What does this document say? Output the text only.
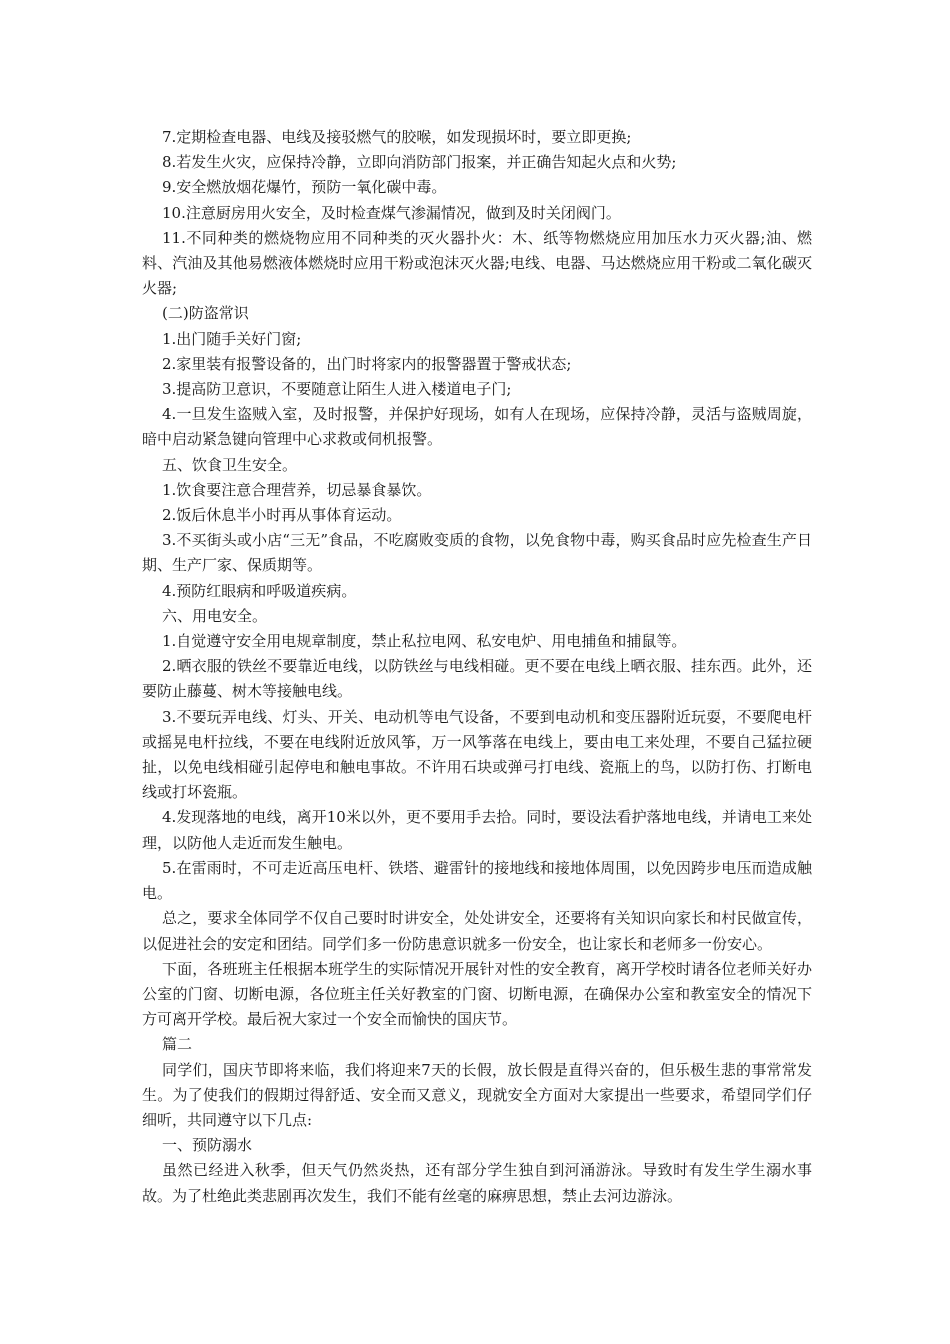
7.定期检查电器、电线及接驳燃气的胶喉，如发现损坏时，要立即更换;

8.若发生火灾，应保持冷静，立即向消防部门报案，并正确告知起火点和火势;

9.安全燃放烟花爆竹，预防一氧化碳中毒。

10.注意厨房用火安全，及时检查煤气渗漏情况，做到及时关闭阀门。

11.不同种类的燃烧物应用不同种类的灭火器扑火：木、纸等物燃烧应用加压水力灭火器;油、燃料、汽油及其他易燃液体燃烧时应用干粉或泡沫灭火器;电线、电器、马达燃烧应用干粉或二氧化碳灭火器;

(二)防盗常识

1.出门随手关好门窗;

2.家里装有报警设备的，出门时将家内的报警器置于警戒状态;

3.提高防卫意识，不要随意让陌生人进入楼道电子门;

4.一旦发生盗贼入室，及时报警，并保护好现场，如有人在现场，应保持冷静，灵活与盗贼周旋，暗中启动紧急键向管理中心求救或伺机报警。

五、饮食卫生安全。

1.饮食要注意合理营养，切忌暴食暴饮。

2.饭后休息半小时再从事体育运动。

3.不买街头或小店“三无”食品，不吃腐败变质的食物，以免食物中毒，购买食品时应先检查生产日期、生产厂家、保质期等。

4.预防红眼病和呼吸道疾病。

六、用电安全。

1.自觉遵守安全用电规章制度，禁止私拉电网、私安电炉、用电捕鱼和捕鼠等。

2.晒衣服的铁丝不要靠近电线，以防铁丝与电线相碰。更不要在电线上晒衣服、挂东西。此外，还要防止藤蔓、树木等接触电线。

3.不要玩弄电线、灯头、开关、电动机等电气设备，不要到电动机和变压器附近玩耍，不要爬电杆或摇晃电杆拉线，不要在电线附近放风筝，万一风筝落在电线上，要由电工来处理，不要自己猛拉硬扯，以免电线相碰引起停电和触电事故。不许用石块或弹弓打电线、瓷瓶上的鸟，以防打伤、打断电线或打坏瓷瓶。

4.发现落地的电线，离开10米以外，更不要用手去拾。同时，要设法看护落地电线，并请电工来处理，以防他人走近而发生触电。

5.在雷雨时，不可走近高压电杆、铁塔、避雷针的接地线和接地体周围，以免因跨步电压而造成触电。

总之，要求全体同学不仅自己要时时讲安全，处处讲安全，还要将有关知识向家长和村民做宣传，以促进社会的安定和团结。同学们多一份防患意识就多一份安全，也让家长和老师多一份安心。

下面，各班班主任根据本班学生的实际情况开展针对性的安全教育，离开学校时请各位老师关好办公室的门窗、切断电源，各位班主任关好教室的门窗、切断电源，在确保办公室和教室安全的情况下方可离开学校。最后祝大家过一个安全而愉快的国庆节。

篇二

同学们，国庆节即将来临，我们将迎来7天的长假，放长假是直得兴奋的，但乐极生悲的事常常发生。为了使我们的假期过得舒适、安全而又意义，现就安全方面对大家提出一些要求，希望同学们仔细听，共同遵守以下几点:

一、预防溺水

虽然已经进入秋季，但天气仍然炎热，还有部分学生独自到河涌游泳。导致时有发生学生溺水事故。为了杜绝此类悲剧再次发生，我们不能有丝毫的麻痹思想，禁止去河边游泳。
